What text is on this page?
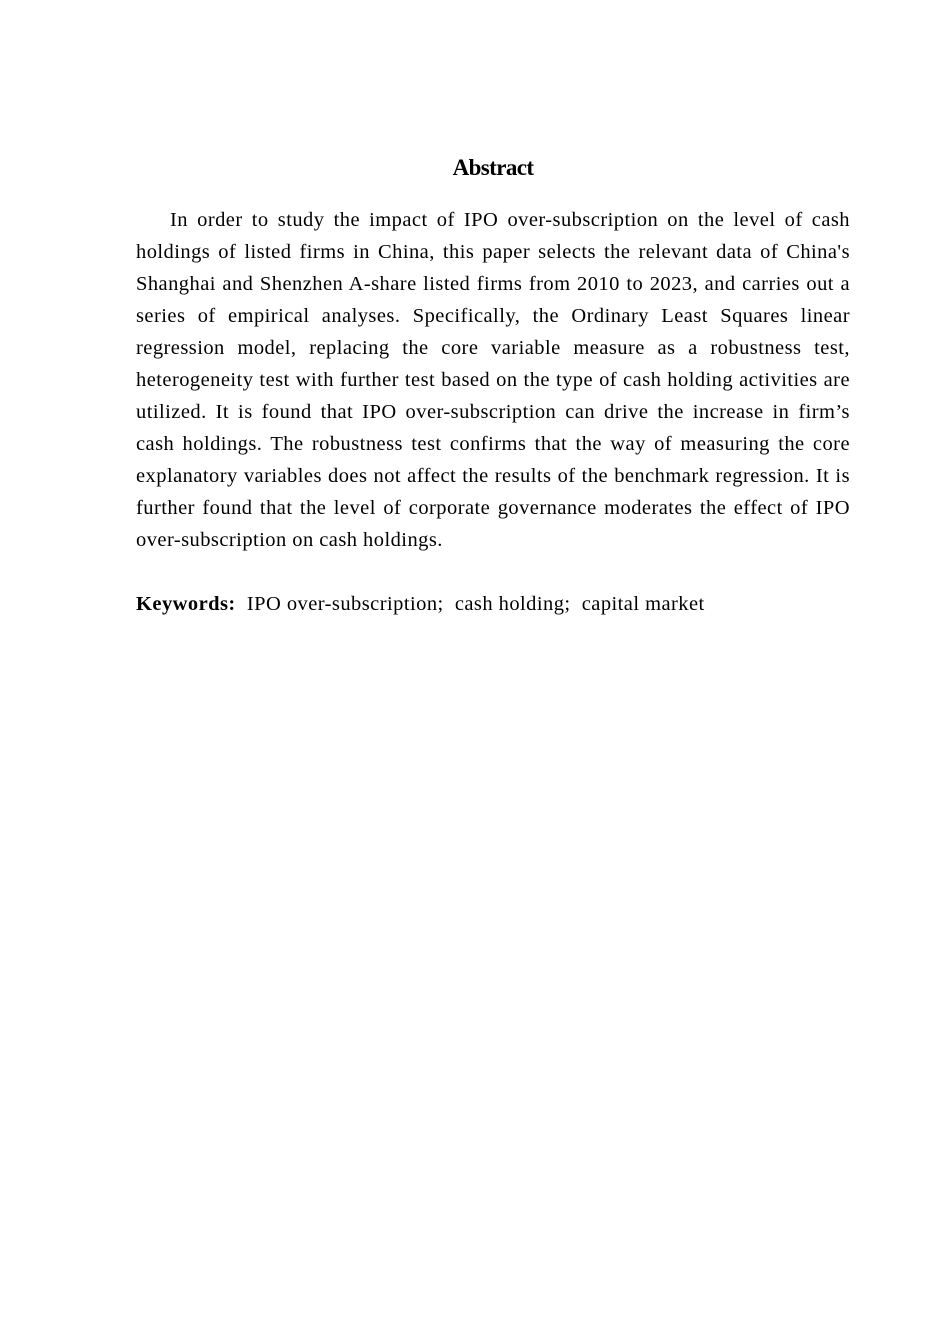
Abstract

In order to study the impact of IPO over-subscription on the level of cash holdings of listed firms in China, this paper selects the relevant data of China's Shanghai and Shenzhen A-share listed firms from 2010 to 2023, and carries out a series of empirical analyses. Specifically, the Ordinary Least Squares linear regression model, replacing the core variable measure as a robustness test, heterogeneity test with further test based on the type of cash holding activities are utilized. It is found that IPO over-subscription can drive the increase in firm’s cash holdings. The robustness test confirms that the way of measuring the core explanatory variables does not affect the results of the benchmark regression. It is further found that the level of corporate governance moderates the effect of IPO over-subscription on cash holdings.

Keywords:  IPO over-subscription;  cash holding;  capital market
